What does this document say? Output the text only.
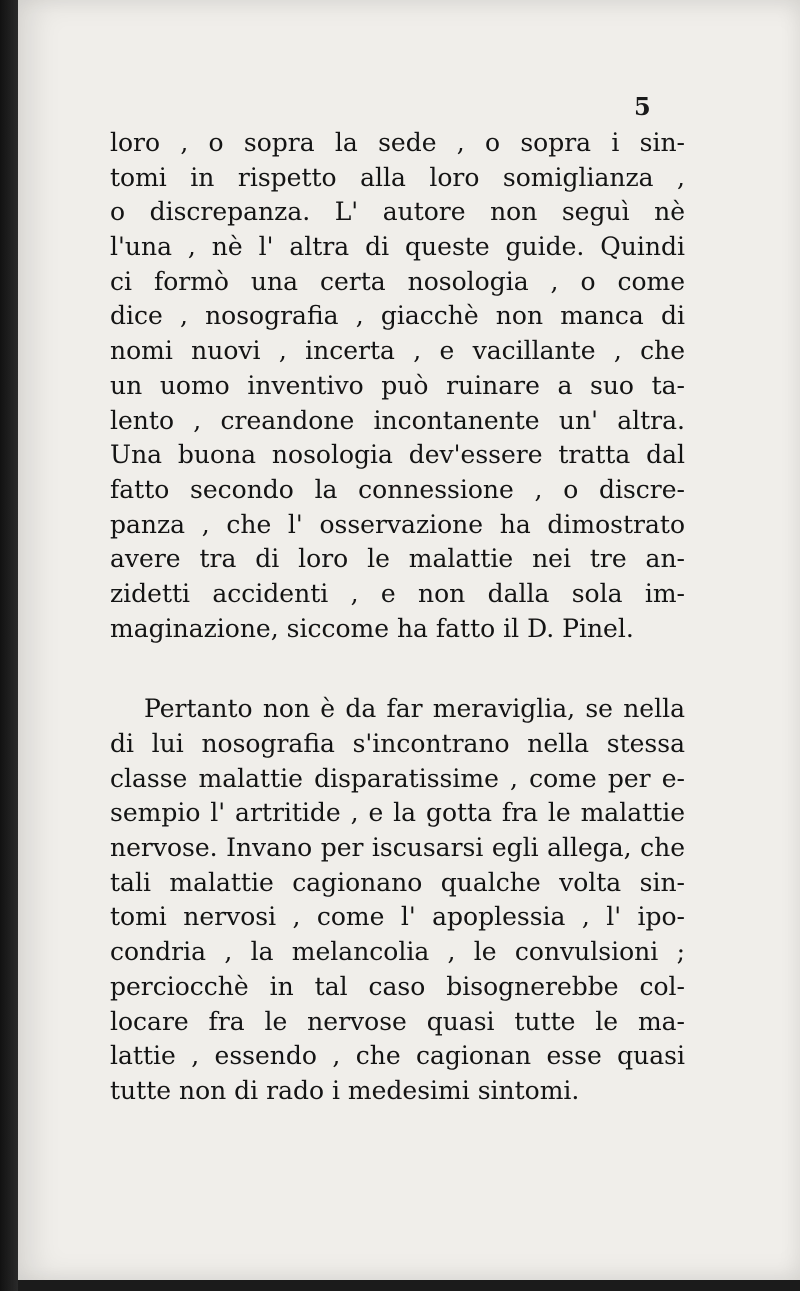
5
loro , o sopra la sede , o sopra i sin-
tomi in rispetto alla loro somiglianza ,
o discrepanza. L' autore non seguì nè
l'una , nè l' altra di queste guide. Quindi
ci formò una certa nosologia , o come
dice , nosografia , giacchè non manca di
nomi nuovi , incerta , e vacillante , che
un uomo inventivo può ruinare a suo ta-
lento , creandone incontanente un' altra.
Una buona nosologia dev'essere tratta dal
fatto secondo la connessione , o discre-
panza , che l' osservazione ha dimostrato
avere tra di loro le malattie nei tre an-
zidetti accidenti , e non dalla sola im-
maginazione, siccome ha fatto il D. Pinel.
Pertanto non è da far meraviglia, se nella
di lui nosografia s'incontrano nella stessa
classe malattie disparatissime , come per e-
sempio l' artritide , e la gotta fra le malattie
nervose. Invano per iscusarsi egli allega, che
tali malattie cagionano qualche volta sin-
tomi nervosi , come l' apoplessia , l' ipo-
condria , la melancolia , le convulsioni ;
perciocchè in tal caso bisognerebbe col-
locare fra le nervose quasi tutte le ma-
lattie , essendo , che cagionan esse quasi
tutte non di rado i medesimi sintomi.
